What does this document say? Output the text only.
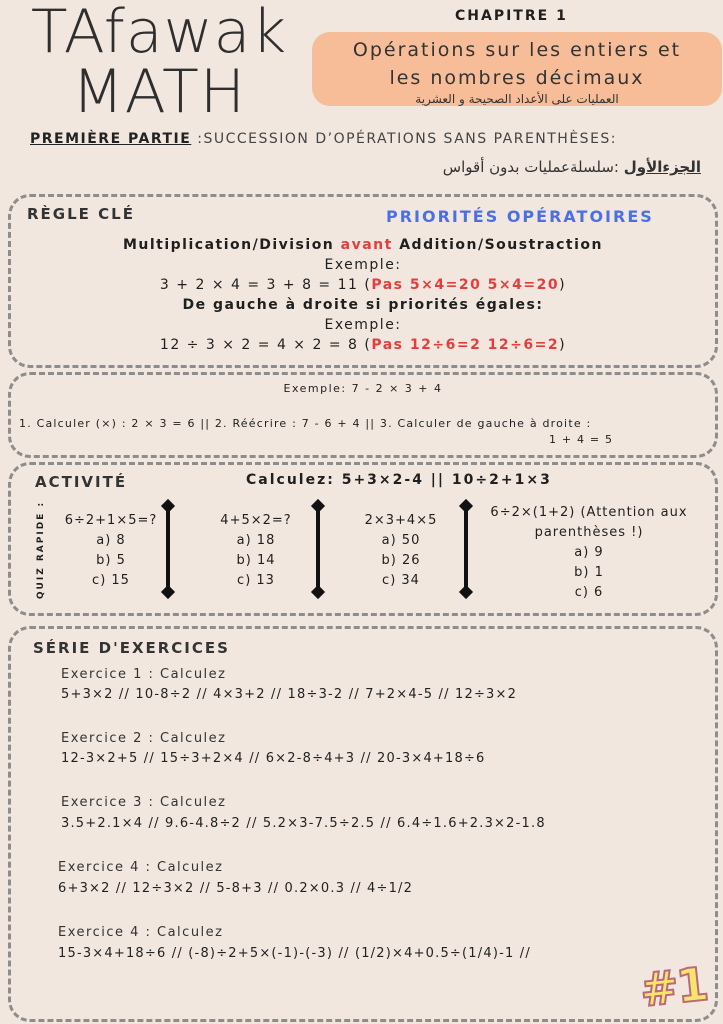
TAfawak
MATH
CHAPITRE 1
Opérations sur les entiers et
les nombres décimaux
العمليات على الأعداد الصحيحة و العشرية
PREMIÈRE PARTIE :SUCCESSION D’OPÉRATIONS SANS PARENTHÈSES:
الجزءالأول :سلسلةعمليات بدون أقواس
RÈGLE CLÉ	PRIORITÉS OPÉRATOIRES
Multiplication/Division avant Addition/Soustraction
Exemple:
3 + 2 × 4 = 3 + 8 = 11 (Pas 5×4=20 5×4=20)
De gauche à droite si priorités égales:
Exemple:
12 ÷ 3 × 2 = 4 × 2 = 8 (Pas 12÷6=2 12÷6=2)
Exemple: 7 - 2 × 3 + 4
1. Calculer (×) : 2 × 3 = 6 || 2. Réécrire : 7 - 6 + 4 || 3. Calculer de gauche à droite :
1 + 4 = 5
ACTIVITÉ	Calculez: 5+3×2-4 || 10÷2+1×3
QUIZ RAPIDE :	6÷2+1×5=?
a) 8
b) 5
c) 15
4+5×2=?
a) 18
b) 14
c) 13
2×3+4×5
a) 50
b) 26
c) 34
6÷2×(1+2) (Attention aux parenthèses !)
a) 9
b) 1
c) 6
SÉRIE D'EXERCICES
Exercice 1 : Calculez
5+3×2 // 10-8÷2 // 4×3+2 // 18÷3-2 // 7+2×4-5 // 12÷3×2
Exercice 2 : Calculez
12-3×2+5 // 15÷3+2×4 // 6×2-8÷4+3 // 20-3×4+18÷6
Exercice 3 : Calculez
3.5+2.1×4 // 9.6-4.8÷2 // 5.2×3-7.5÷2.5 // 6.4÷1.6+2.3×2-1.8
Exercice 4 : Calculez
6+3×2 // 12÷3×2 // 5-8+3 // 0.2×0.3 // 4÷1/2
Exercice 4 : Calculez
15-3×4+18÷6 // (-8)÷2+5×(-1)-(-3) // (1/2)×4+0.5÷(1/4)-1 //
#1
